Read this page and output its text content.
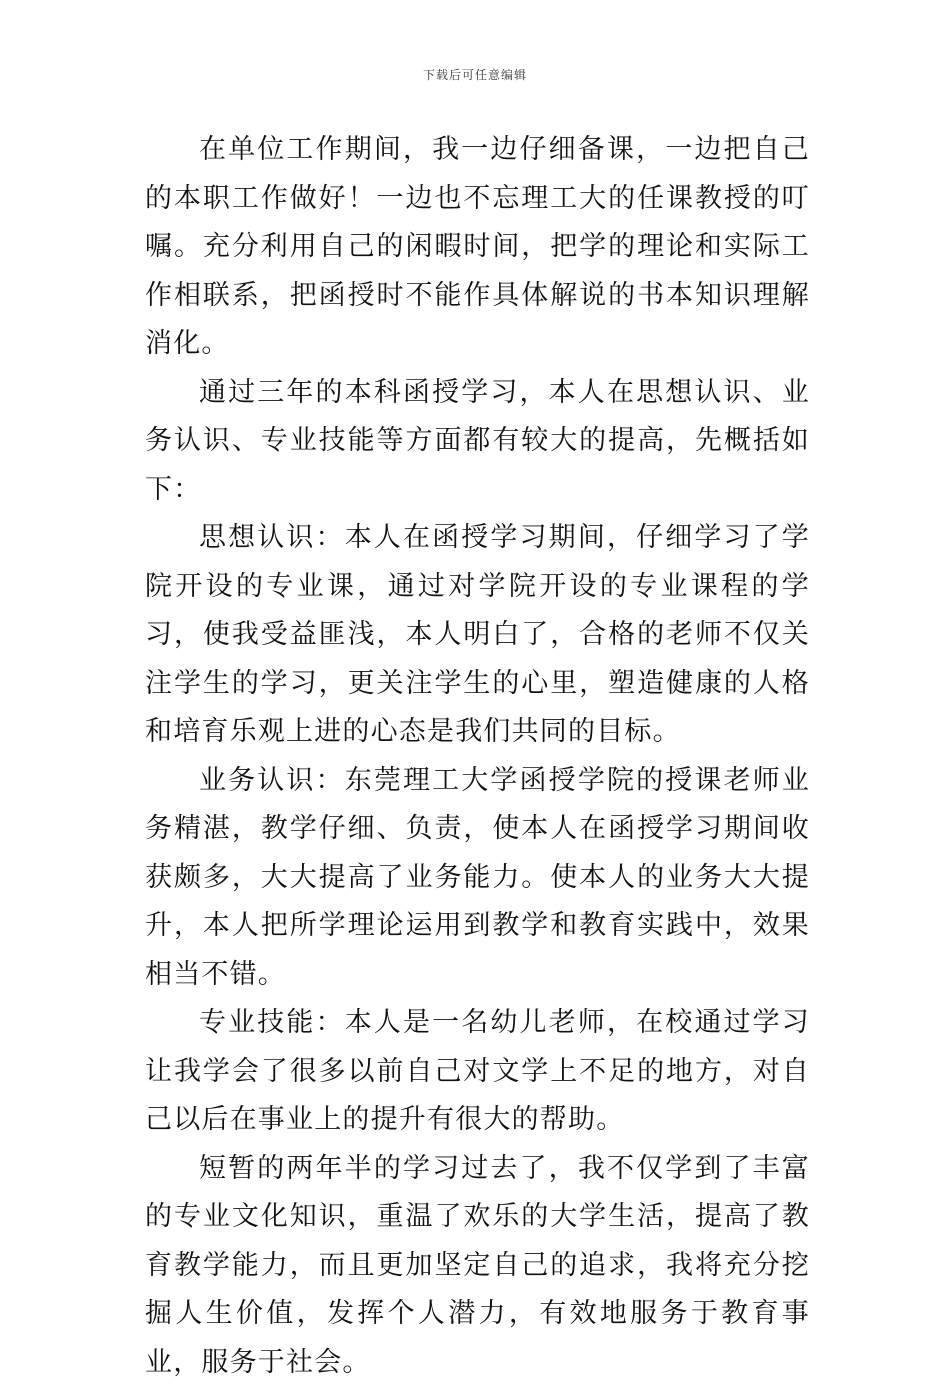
下载后可任意编辑

在单位工作期间，我一边仔细备课，一边把自己的本职工作做好！一边也不忘理工大的任课教授的叮嘱。充分利用自己的闲暇时间，把学的理论和实际工作相联系，把函授时不能作具体解说的书本知识理解消化。

通过三年的本科函授学习，本人在思想认识、业务认识、专业技能等方面都有较大的提高，先概括如下：

思想认识：本人在函授学习期间，仔细学习了学院开设的专业课，通过对学院开设的专业课程的学习，使我受益匪浅，本人明白了，合格的老师不仅关注学生的学习，更关注学生的心里，塑造健康的人格和培育乐观上进的心态是我们共同的目标。

业务认识：东莞理工大学函授学院的授课老师业务精湛，教学仔细、负责，使本人在函授学习期间收获颇多，大大提高了业务能力。使本人的业务大大提升，本人把所学理论运用到教学和教育实践中，效果相当不错。

专业技能：本人是一名幼儿老师，在校通过学习让我学会了很多以前自己对文学上不足的地方，对自己以后在事业上的提升有很大的帮助。

短暂的两年半的学习过去了，我不仅学到了丰富的专业文化知识，重温了欢乐的大学生活，提高了教育教学能力，而且更加坚定自己的追求，我将充分挖掘人生价值，发挥个人潜力，有效地服务于教育事业，服务于社会。
